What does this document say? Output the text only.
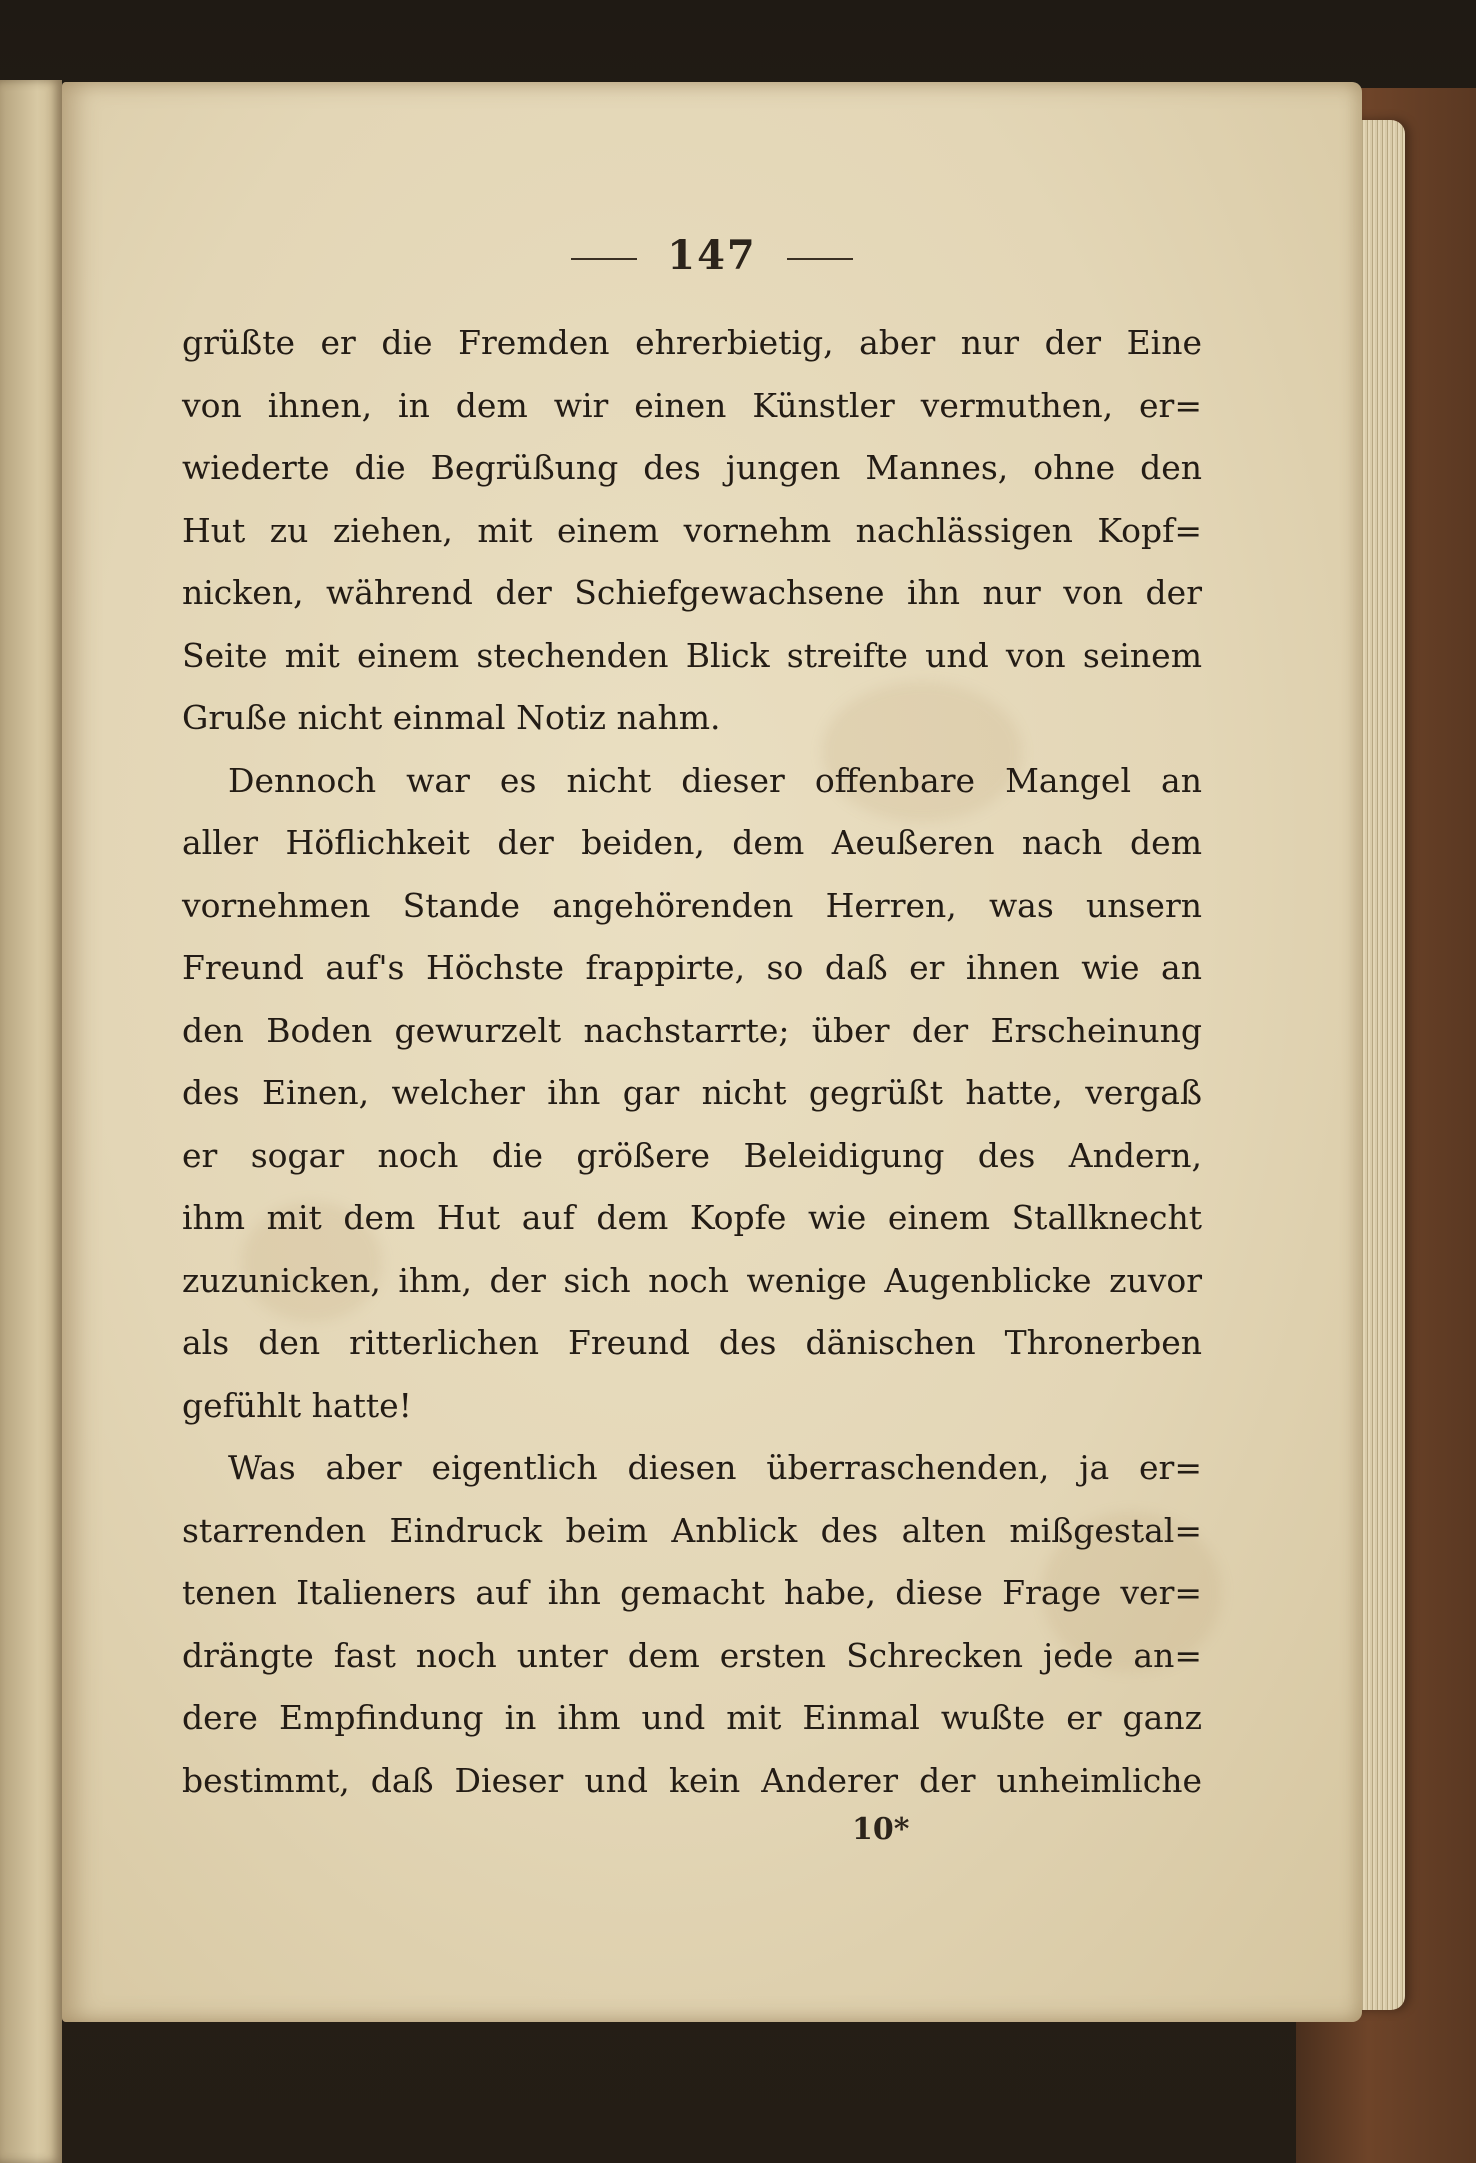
147
grüßte er die Fremden ehrerbietig, aber nur der Eine
von ihnen, in dem wir einen Künstler vermuthen, er=
wiederte die Begrüßung des jungen Mannes, ohne den
Hut zu ziehen, mit einem vornehm nachlässigen Kopf=
nicken, während der Schiefgewachsene ihn nur von der
Seite mit einem stechenden Blick streifte und von seinem
Gruße nicht einmal Notiz nahm.
Dennoch war es nicht dieser offenbare Mangel an
aller Höflichkeit der beiden, dem Aeußeren nach dem
vornehmen Stande angehörenden Herren, was unsern
Freund auf's Höchste frappirte, so daß er ihnen wie an
den Boden gewurzelt nachstarrte; über der Erscheinung
des Einen, welcher ihn gar nicht gegrüßt hatte, vergaß
er sogar noch die größere Beleidigung des Andern,
ihm mit dem Hut auf dem Kopfe wie einem Stallknecht
zuzunicken, ihm, der sich noch wenige Augenblicke zuvor
als den ritterlichen Freund des dänischen Thronerben
gefühlt hatte!
Was aber eigentlich diesen überraschenden, ja er=
starrenden Eindruck beim Anblick des alten mißgestal=
tenen Italieners auf ihn gemacht habe, diese Frage ver=
drängte fast noch unter dem ersten Schrecken jede an=
dere Empfindung in ihm und mit Einmal wußte er ganz
bestimmt, daß Dieser und kein Anderer der unheimliche
10*
